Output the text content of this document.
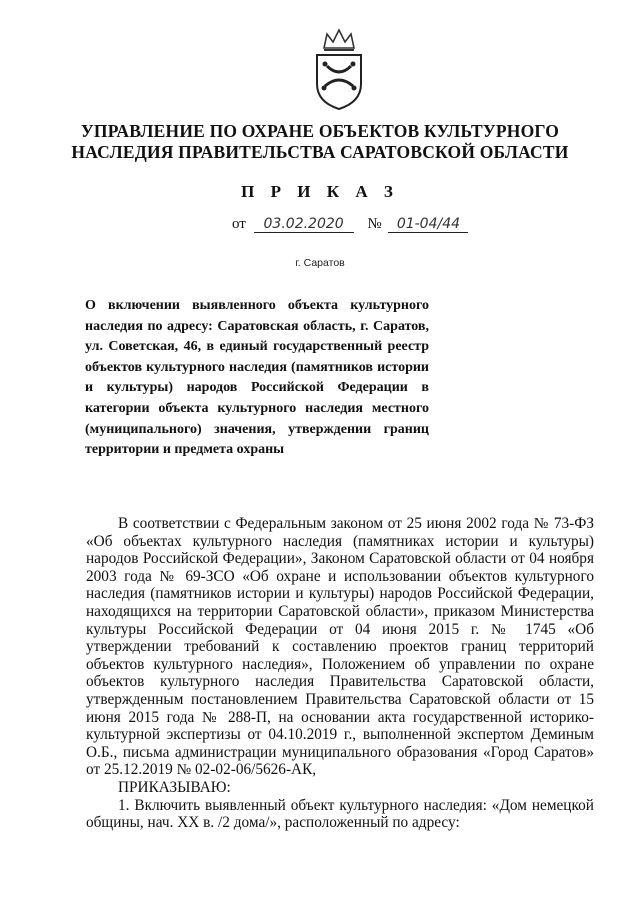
УПРАВЛЕНИЕ ПО ОХРАНЕ ОБЪЕКТОВ КУЛЬТУРНОГО
НАСЛЕДИЯ ПРАВИТЕЛЬСТВА САРАТОВСКОЙ ОБЛАСТИ
П Р И К А З
от 03.02.2020 № 01-04/44
г. Саратов
О включении выявленного объекта культурного наследия по адресу: Саратовская область, г. Саратов, ул. Советская, 46, в единый государственный реестр объектов культурного наследия (памятников истории и культуры) народов Российской Федерации в категории объекта культурного наследия местного (муниципального) значения, утверждении границ территории и предмета охраны

В соответствии с Федеральным законом от 25 июня 2002 года № 73-ФЗ «Об объектах культурного наследия (памятниках истории и культуры) народов Российской Федерации», Законом Саратовской области от 04 ноября 2003 года № 69-ЗСО «Об охране и использовании объектов культурного наследия (памятников истории и культуры) народов Российской Федерации, находящихся на территории Саратовской области», приказом Министерства культуры Российской Федерации от 04 июня 2015 г. № 1745 «Об утверждении требований к составлению проектов границ территорий объектов культурного наследия», Положением об управлении по охране объектов культурного наследия Правительства Саратовской области, утвержденным постановлением Правительства Саратовской области от 15 июня 2015 года № 288-П, на основании акта государственной историко-культурной экспертизы от 04.10.2019 г., выполненной экспертом Деминым О.Б., письма администрации муниципального образования «Город Саратов» от 25.12.2019 № 02-02-06/5626-АК,

ПРИКАЗЫВАЮ:

1. Включить выявленный объект культурного наследия: «Дом немецкой общины, нач. XX в. /2 дома/», расположенный по адресу:
